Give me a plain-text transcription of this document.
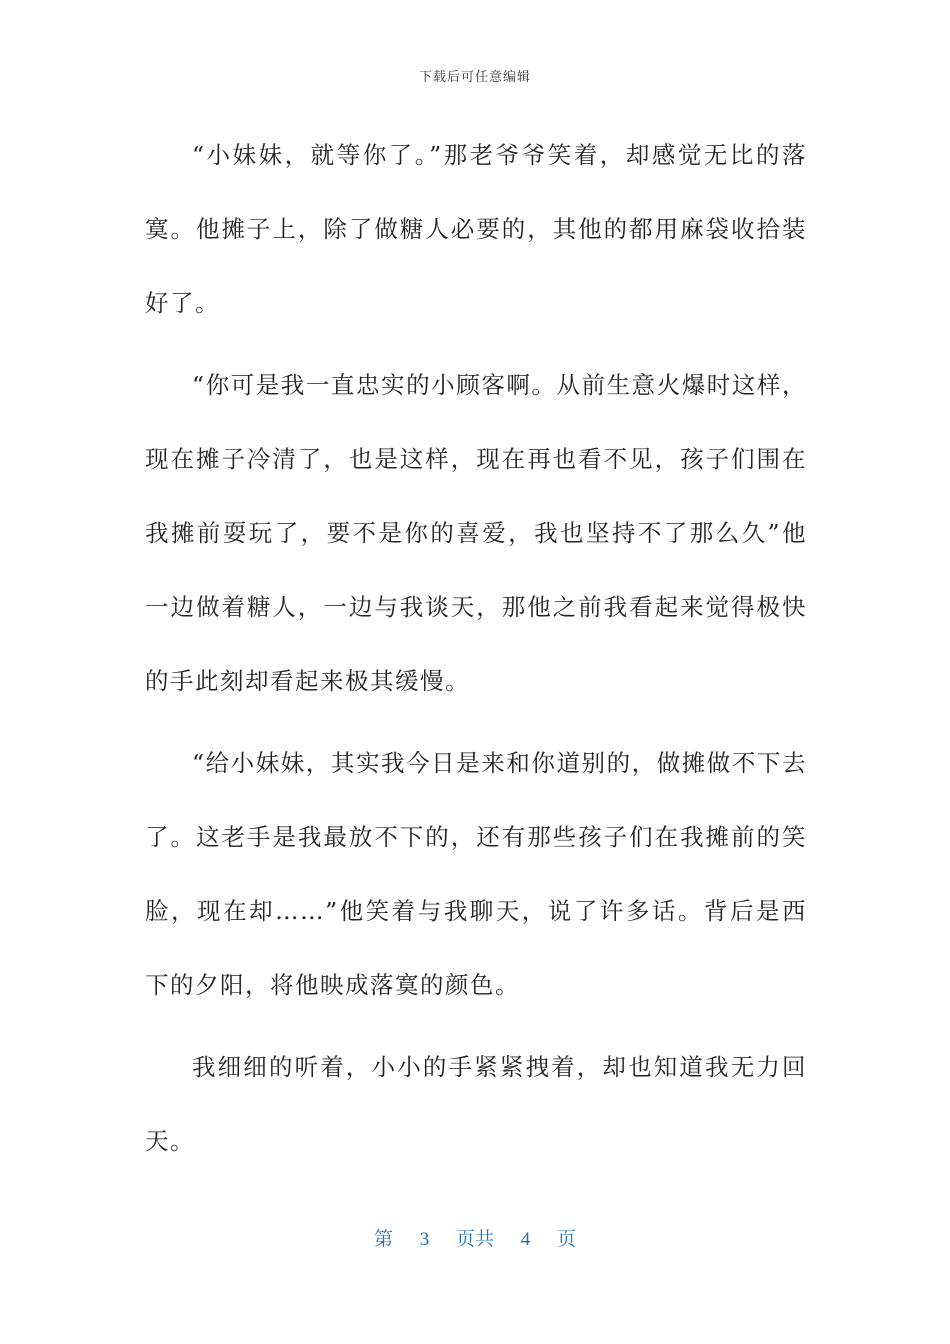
下载后可任意编辑

“小妹妹，就等你了。”那老爷爷笑着，却感觉无比的落寞。他摊子上，除了做糖人必要的，其他的都用麻袋收拾装好了。

“你可是我一直忠实的小顾客啊。从前生意火爆时这样，现在摊子冷清了，也是这样，现在再也看不见，孩子们围在我摊前耍玩了，要不是你的喜爱，我也坚持不了那么久”他一边做着糖人，一边与我谈天，那他之前我看起来觉得极快的手此刻却看起来极其缓慢。

“给小妹妹，其实我今日是来和你道别的，做摊做不下去了。这老手是我最放不下的，还有那些孩子们在我摊前的笑脸，现在却……”他笑着与我聊天，说了许多话。背后是西下的夕阳，将他映成落寞的颜色。

我细细的听着，小小的手紧紧拽着，却也知道我无力回天。

第 3 页共 4 页
